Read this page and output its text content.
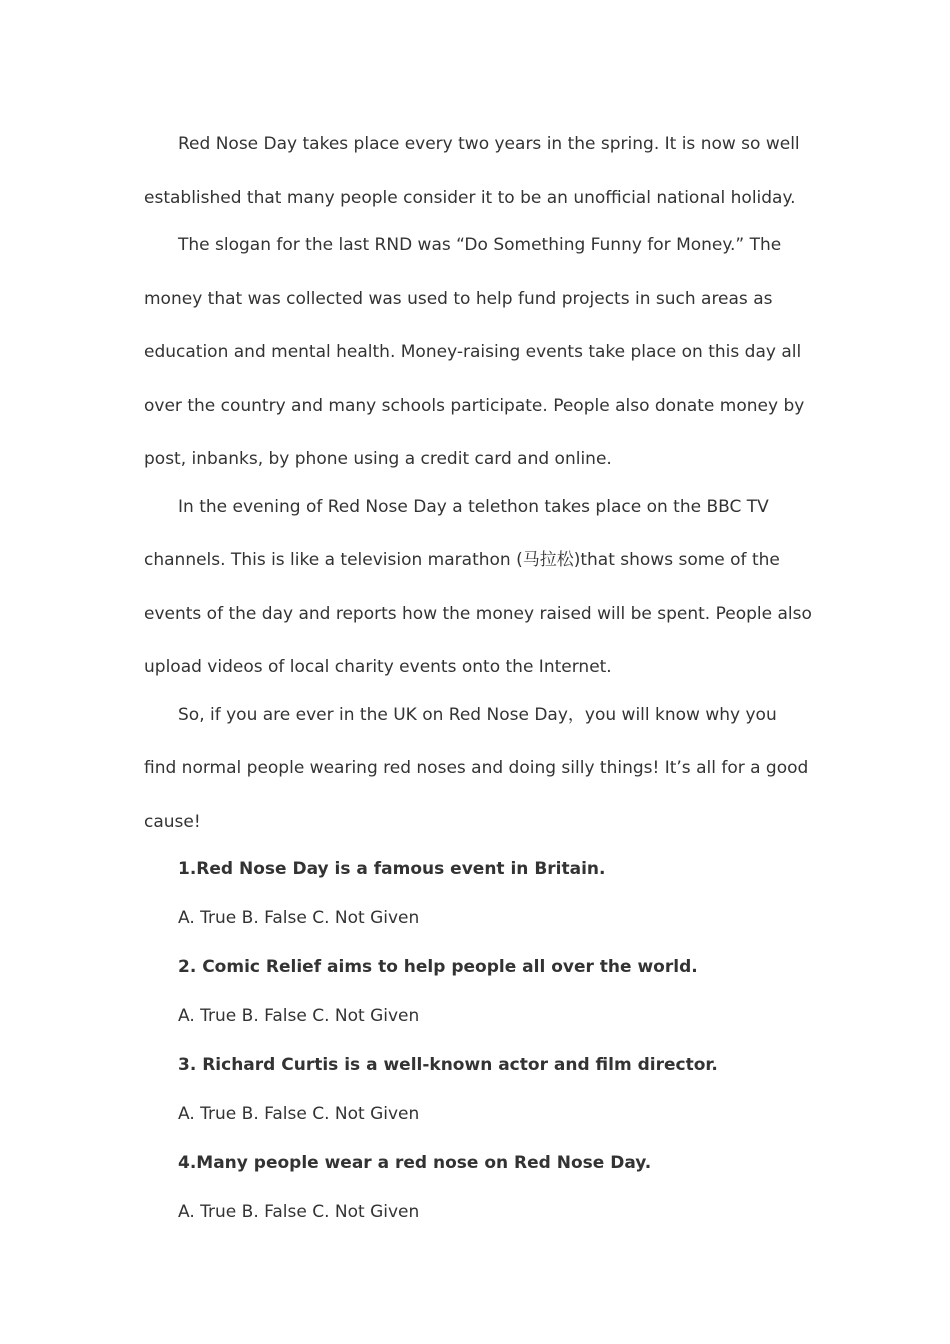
Red Nose Day takes place every two years in the spring. It is now so well established that many people consider it to be an unofficial national holiday.

The slogan for the last RND was “Do Something Funny for Money.” The money that was collected was used to help fund projects in such areas as education and mental health. Money-raising events take place on this day all over the country and many schools participate. People also donate money by post, inbanks, by phone using a credit card and online.

In the evening of Red Nose Day a telethon takes place on the BBC TV channels. This is like a television marathon (马拉松)that shows some of the events of the day and reports how the money raised will be spent. People also upload videos of local charity events onto the Internet.

So, if you are ever in the UK on Red Nose Day，you will know why you find normal people wearing red noses and doing silly things! It’s all for a good cause!

1.Red Nose Day is a famous event in Britain.

A. True B. False C. Not Given

2. Comic Relief aims to help people all over the world.

A. True B. False C. Not Given

3. Richard Curtis is a well-known actor and film director.

A. True B. False C. Not Given

4.Many people wear a red nose on Red Nose Day.

A. True B. False C. Not Given
